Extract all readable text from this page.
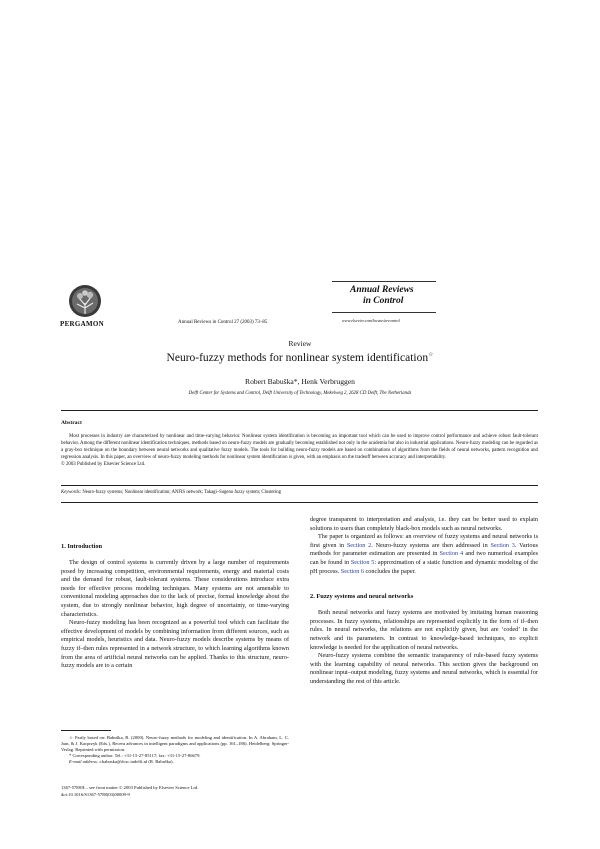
PERGAMON	Annual Reviews in Control 27 (2003) 73–85
Annual Reviews
in Control
www.elsevier.com/locate/arcontrol
Review
Neuro-fuzzy methods for nonlinear system identification☆
Robert Babuška*, Henk Verbruggen
Delft Center for Systems and Control, Delft University of Technology, Mekelweg 2, 2628 CD Delft, The Netherlands
Abstract

Most processes in industry are characterized by nonlinear and time-varying behavior. Nonlinear system identification is becoming an important tool which can be used to improve control performance and achieve robust fault-tolerant behavior. Among the different nonlinear identification techniques, methods based on neuro-fuzzy models are gradually becoming established not only in the academia but also in industrial applications. Neuro-fuzzy modeling can be regarded as a gray-box technique on the boundary between neural networks and qualitative fuzzy models. The tools for building neuro-fuzzy models are based on combinations of algorithms from the fields of neural networks, pattern recognition and regression analysis. In this paper, an overview of neuro-fuzzy modeling methods for nonlinear system identification is given, with an emphasis on the tradeoff between accuracy and interpretability.

© 2003 Published by Elsevier Science Ltd.

Keywords: Neuro-fuzzy systems; Nonlinear identification; ANFIS network; Takagi–Sugeno fuzzy system; Clustering
1. Introduction

The design of control systems is currently driven by a large number of requirements posed by increasing competition, environmental requirements, energy and material costs and the demand for robust, fault-tolerant systems. These considerations introduce extra needs for effective process modeling techniques. Many systems are not amenable to conventional modeling approaches due to the lack of precise, formal knowledge about the system, due to strongly nonlinear behavior, high degree of uncertainty, or time-varying characteristics.

Neuro-fuzzy modeling has been recognized as a powerful tool which can facilitate the effective development of models by combining information from different sources, such as empirical models, heuristics and data. Neuro-fuzzy models describe systems by means of fuzzy if–then rules represented in a network structure, to which learning algorithms known from the area of artificial neural networks can be applied. Thanks to this structure, neuro-fuzzy models are to a certain

☆ Partly based on: Babuška, R. (2000). Neuro-fuzzy methods for modeling and identification. In A. Abraham, L. C. Jain, & J. Kacprzyk (Eds.), Recent advances in intelligent paradigms and applications (pp. 161–186). Heidelberg: Springer-Verlag. Reprinted with permission.

* Corresponding author. Tel.: +31-15-27-85117; fax: +31-15-27-86679.

E-mail address: r.babuska@dcsc.tudelft.nl (R. Babuška).

1367-5788/$ – see front matter © 2003 Published by Elsevier Science Ltd.
doi:10.1016/S1367-5788(03)00009-9

degree transparent to interpretation and analysis, i.e. they can be better used to explain solutions to users than completely black-box models such as neural networks.

The paper is organized as follows: an overview of fuzzy systems and neural networks is first given in Section 2. Neuro-fuzzy systems are then addressed in Section 3. Various methods for parameter estimation are presented in Section 4 and two numerical examples can be found in Section 5: approximation of a static function and dynamic modeling of the pH process. Section 6 concludes the paper.

2. Fuzzy systems and neural networks

Both neural networks and fuzzy systems are motivated by imitating human reasoning processes. In fuzzy systems, relationships are represented explicitly in the form of if–then rules. In neural networks, the relations are not explicitly given, but are ‘coded’ in the network and its parameters. In contrast to knowledge-based techniques, no explicit knowledge is needed for the application of neural networks.

Neuro-fuzzy systems combine the semantic transparency of rule-based fuzzy systems with the learning capability of neural networks. This section gives the background on nonlinear input–output modeling, fuzzy systems and neural networks, which is essential for understanding the rest of this article.
